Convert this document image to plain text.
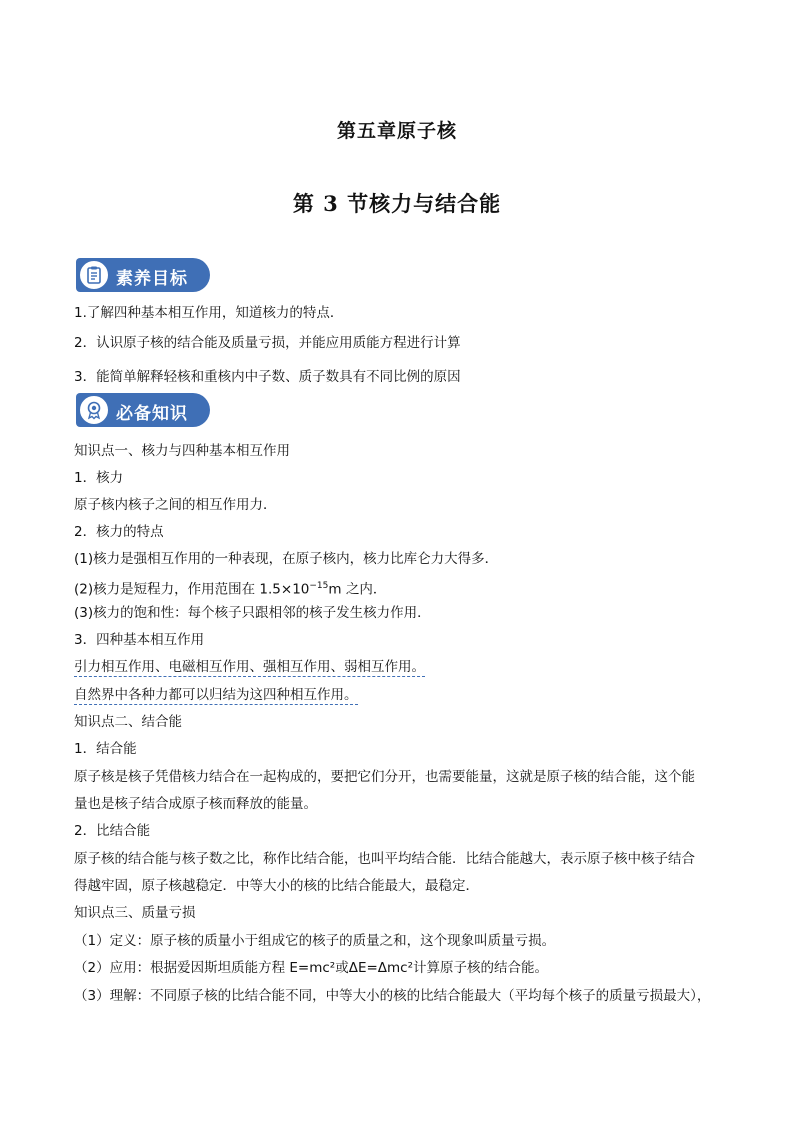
第五章原子核
第 3 节核力与结合能
素养目标
1.了解四种基本相互作用，知道核力的特点．
2．认识原子核的结合能及质量亏损，并能应用质能方程进行计算
3．能简单解释轻核和重核内中子数、质子数具有不同比例的原因
必备知识
知识点一、核力与四种基本相互作用
1．核力
原子核内核子之间的相互作用力．
2．核力的特点
(1)核力是强相互作用的一种表现，在原子核内，核力比库仑力大得多．
(2)核力是短程力，作用范围在 $1.5\times 10^{-15}m$ 之内．
(3)核力的饱和性：每个核子只跟相邻的核子发生核力作用．
3．四种基本相互作用
引力相互作用、电磁相互作用、强相互作用、弱相互作用。
自然界中各种力都可以归结为这四种相互作用。
知识点二、结合能
1．结合能
原子核是核子凭借核力结合在一起构成的，要把它们分开，也需要能量，这就是原子核的结合能，这个能
量也是核子结合成原子核而释放的能量。
2．比结合能
原子核的结合能与核子数之比，称作比结合能，也叫平均结合能．比结合能越大，表示原子核中核子结合
得越牢固，原子核越稳定．中等大小的核的比结合能最大，最稳定．
知识点三、质量亏损
（1）定义：原子核的质量小于组成它的核子的质量之和，这个现象叫质量亏损。
（2）应用：根据爱因斯坦质能方程 E=mc²或ΔE=Δmc²计算原子核的结合能。
（3）理解：不同原子核的比结合能不同，中等大小的核的比结合能最大（平均每个核子的质量亏损最大），
